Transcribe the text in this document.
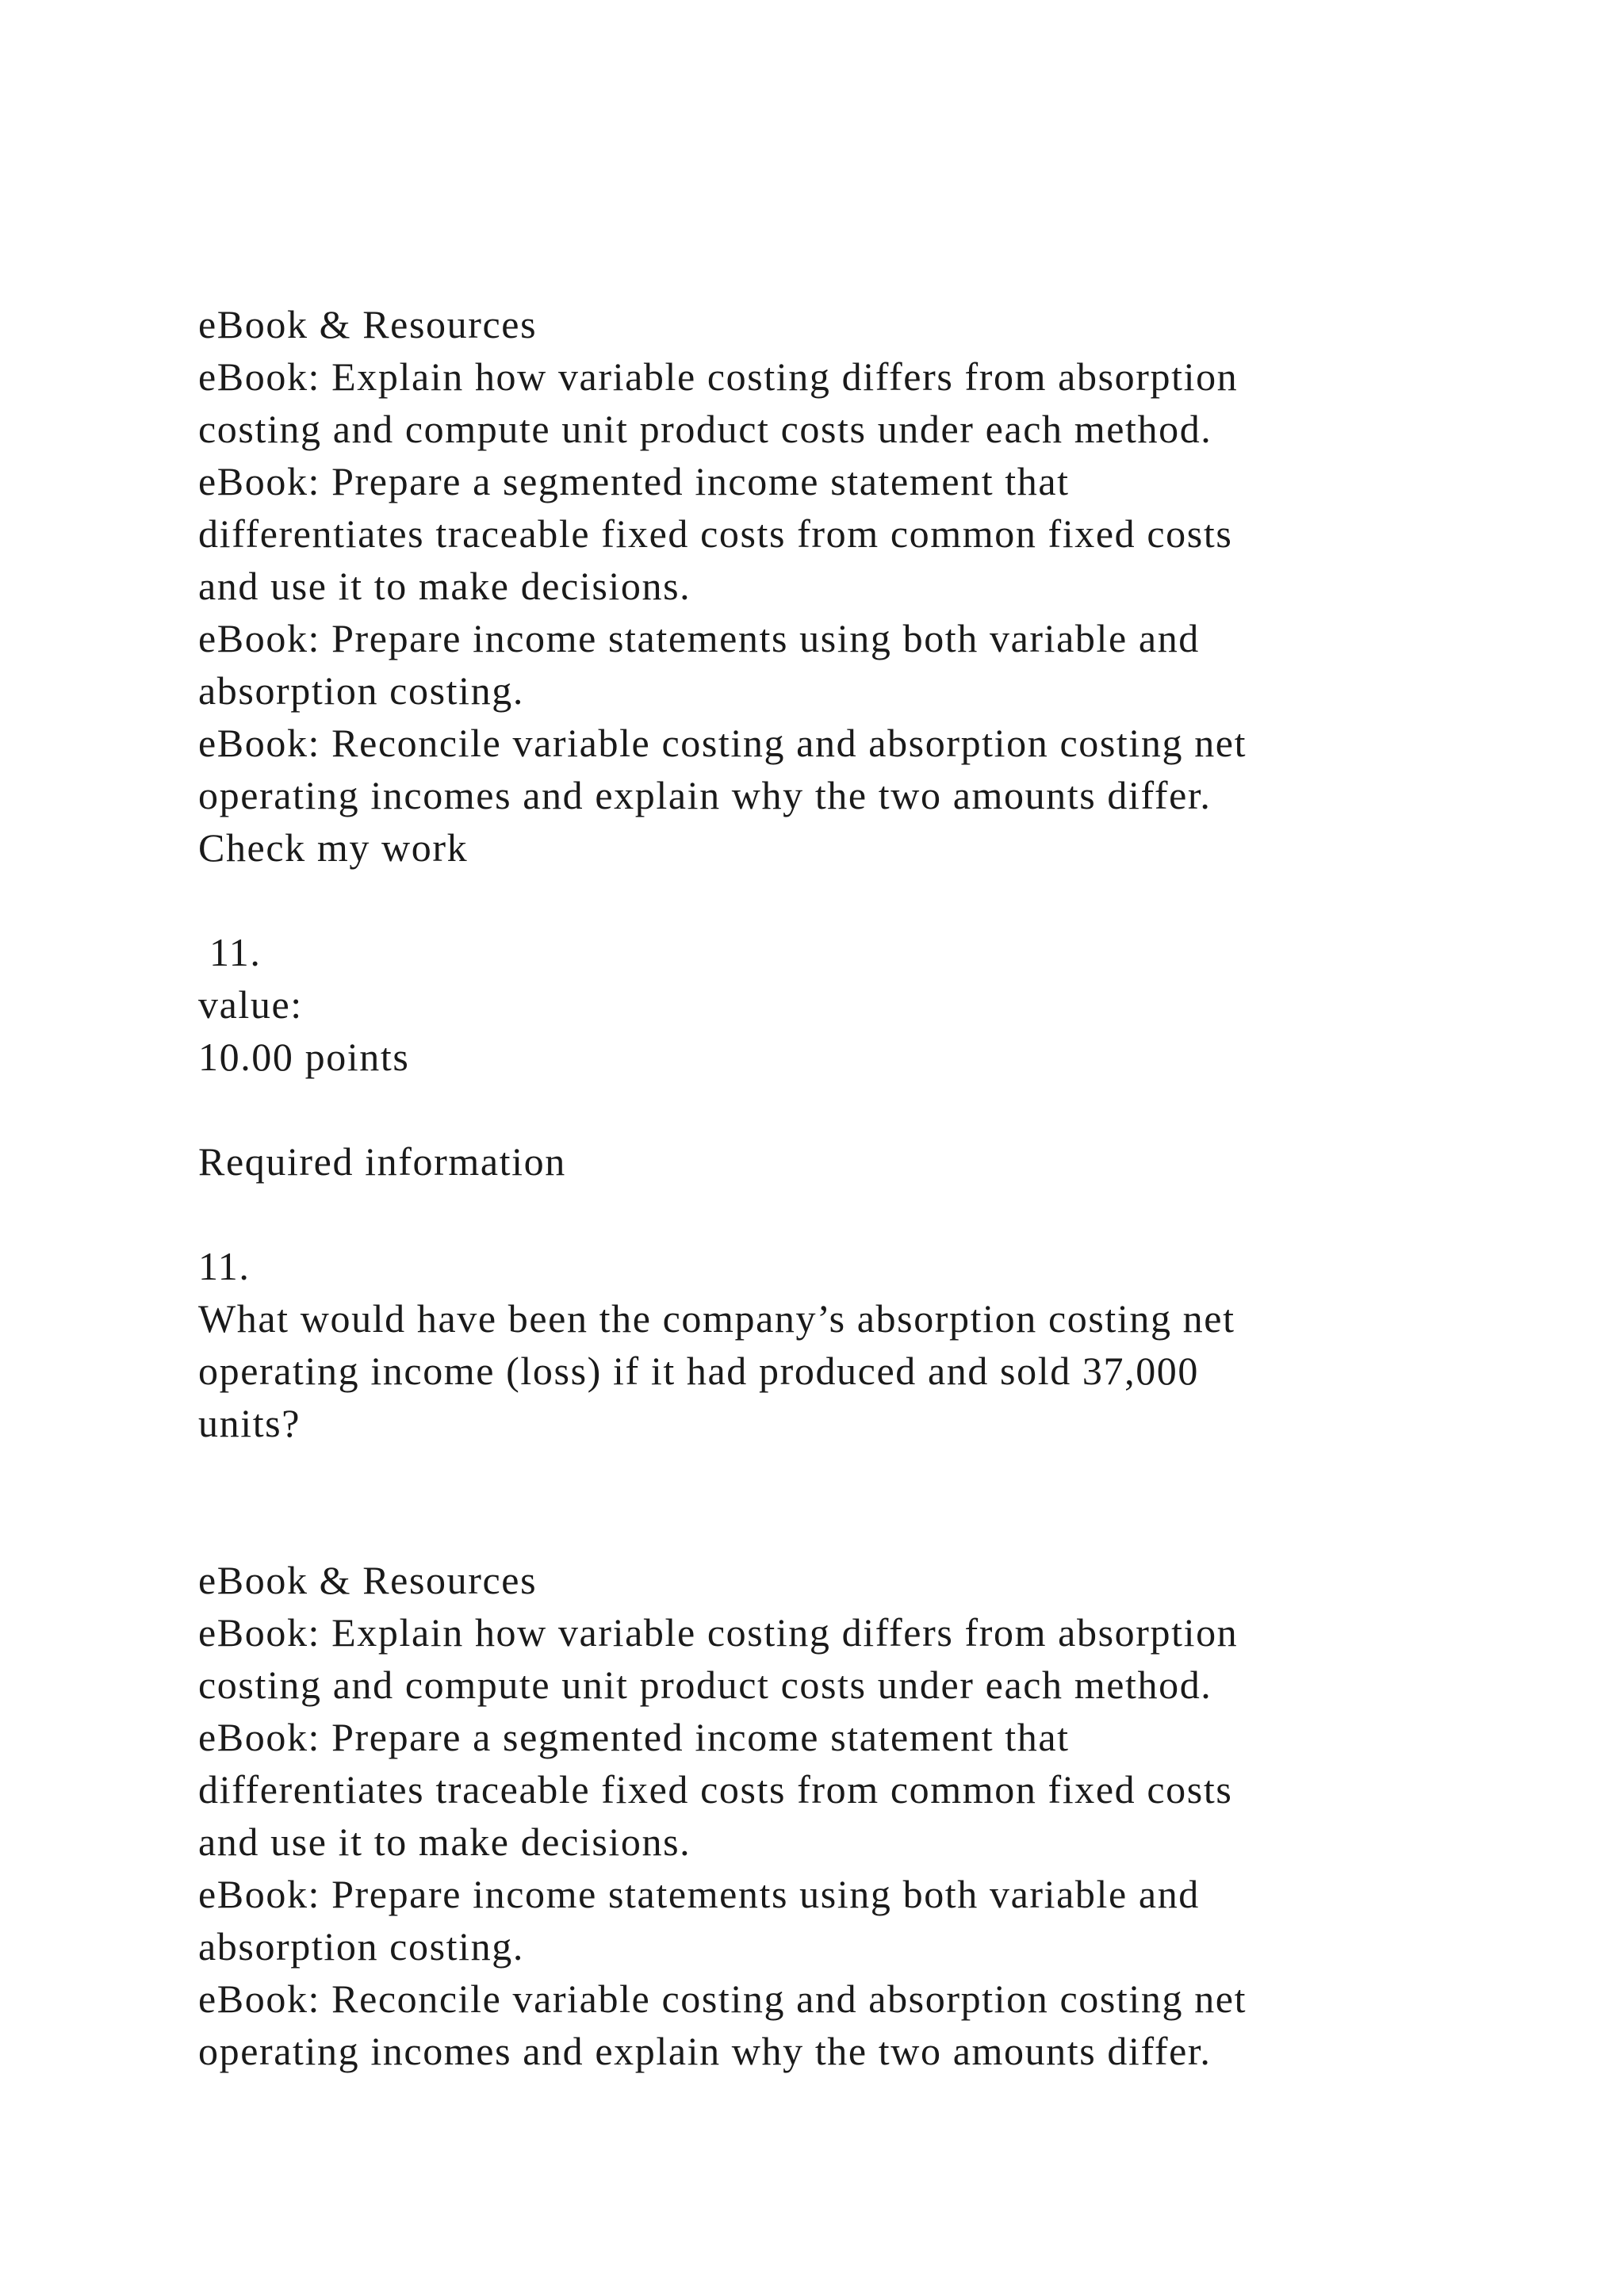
eBook & Resources
eBook: Explain how variable costing differs from absorption
costing and compute unit product costs under each method.
eBook: Prepare a segmented income statement that
differentiates traceable fixed costs from common fixed costs
and use it to make decisions.
eBook: Prepare income statements using both variable and
absorption costing.
eBook: Reconcile variable costing and absorption costing net
operating incomes and explain why the two amounts differ.
Check my work
11.
value:
10.00 points
Required information
11.
What would have been the company’s absorption costing net
operating income (loss) if it had produced and sold 37,000
units?
eBook & Resources
eBook: Explain how variable costing differs from absorption
costing and compute unit product costs under each method.
eBook: Prepare a segmented income statement that
differentiates traceable fixed costs from common fixed costs
and use it to make decisions.
eBook: Prepare income statements using both variable and
absorption costing.
eBook: Reconcile variable costing and absorption costing net
operating incomes and explain why the two amounts differ.
